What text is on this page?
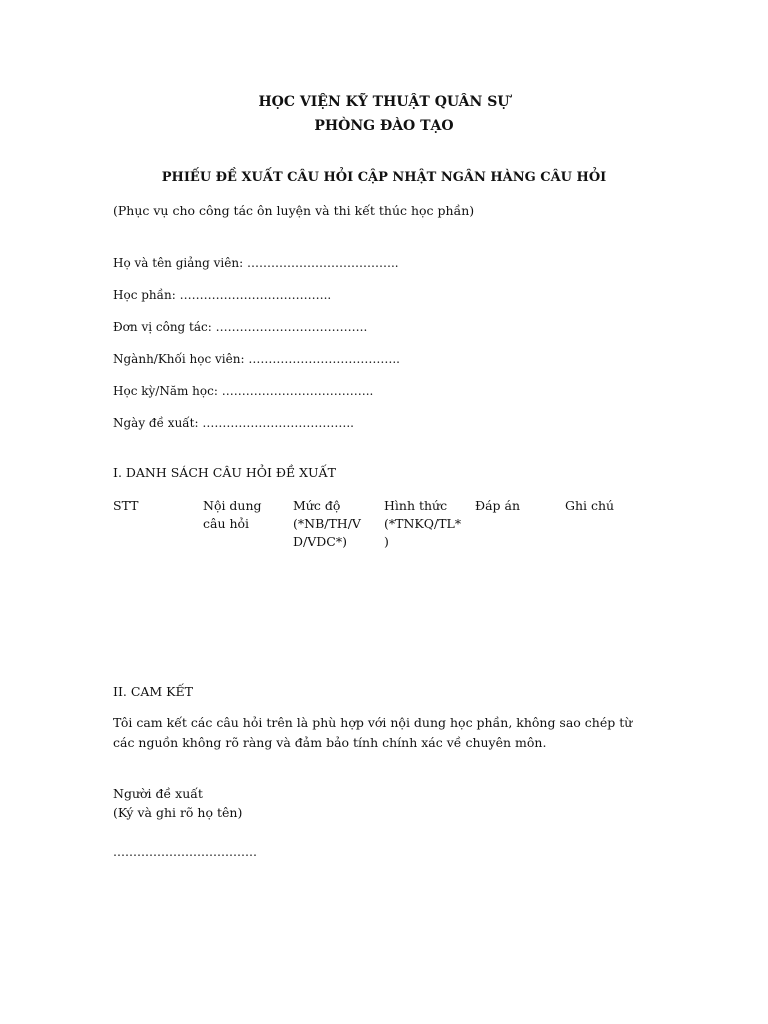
HỌC VIỆN KỸ THUẬT QUÂN SỰ
PHÒNG ĐÀO TẠO
PHIẾU ĐỀ XUẤT CÂU HỎI CẬP NHẬT NGÂN HÀNG CÂU HỎI
(Phục vụ cho công tác ôn luyện và thi kết thúc học phần)
Họ và tên giảng viên: ………………………………..
Học phần: ………………………………..
Đơn vị công tác: ………………………………..
Ngành/Khối học viên: ………………………………..
Học kỳ/Năm học: ………………………………..
Ngày đề xuất: ………………………………..
I. DANH SÁCH CÂU HỎI ĐỀ XUẤT
STT	Nội dung
câu hỏi
Mức độ
(*NB/TH/V
D/VDC*)
Hình thức
(*TNKQ/TL*
)
Đáp án	Ghi chú
II. CAM KẾT
Tôi cam kết các câu hỏi trên là phù hợp với nội dung học phần, không sao chép từ các nguồn không rõ ràng và đảm bảo tính chính xác về chuyên môn.
Người đề xuất
(Ký và ghi rõ họ tên)
………………………………
